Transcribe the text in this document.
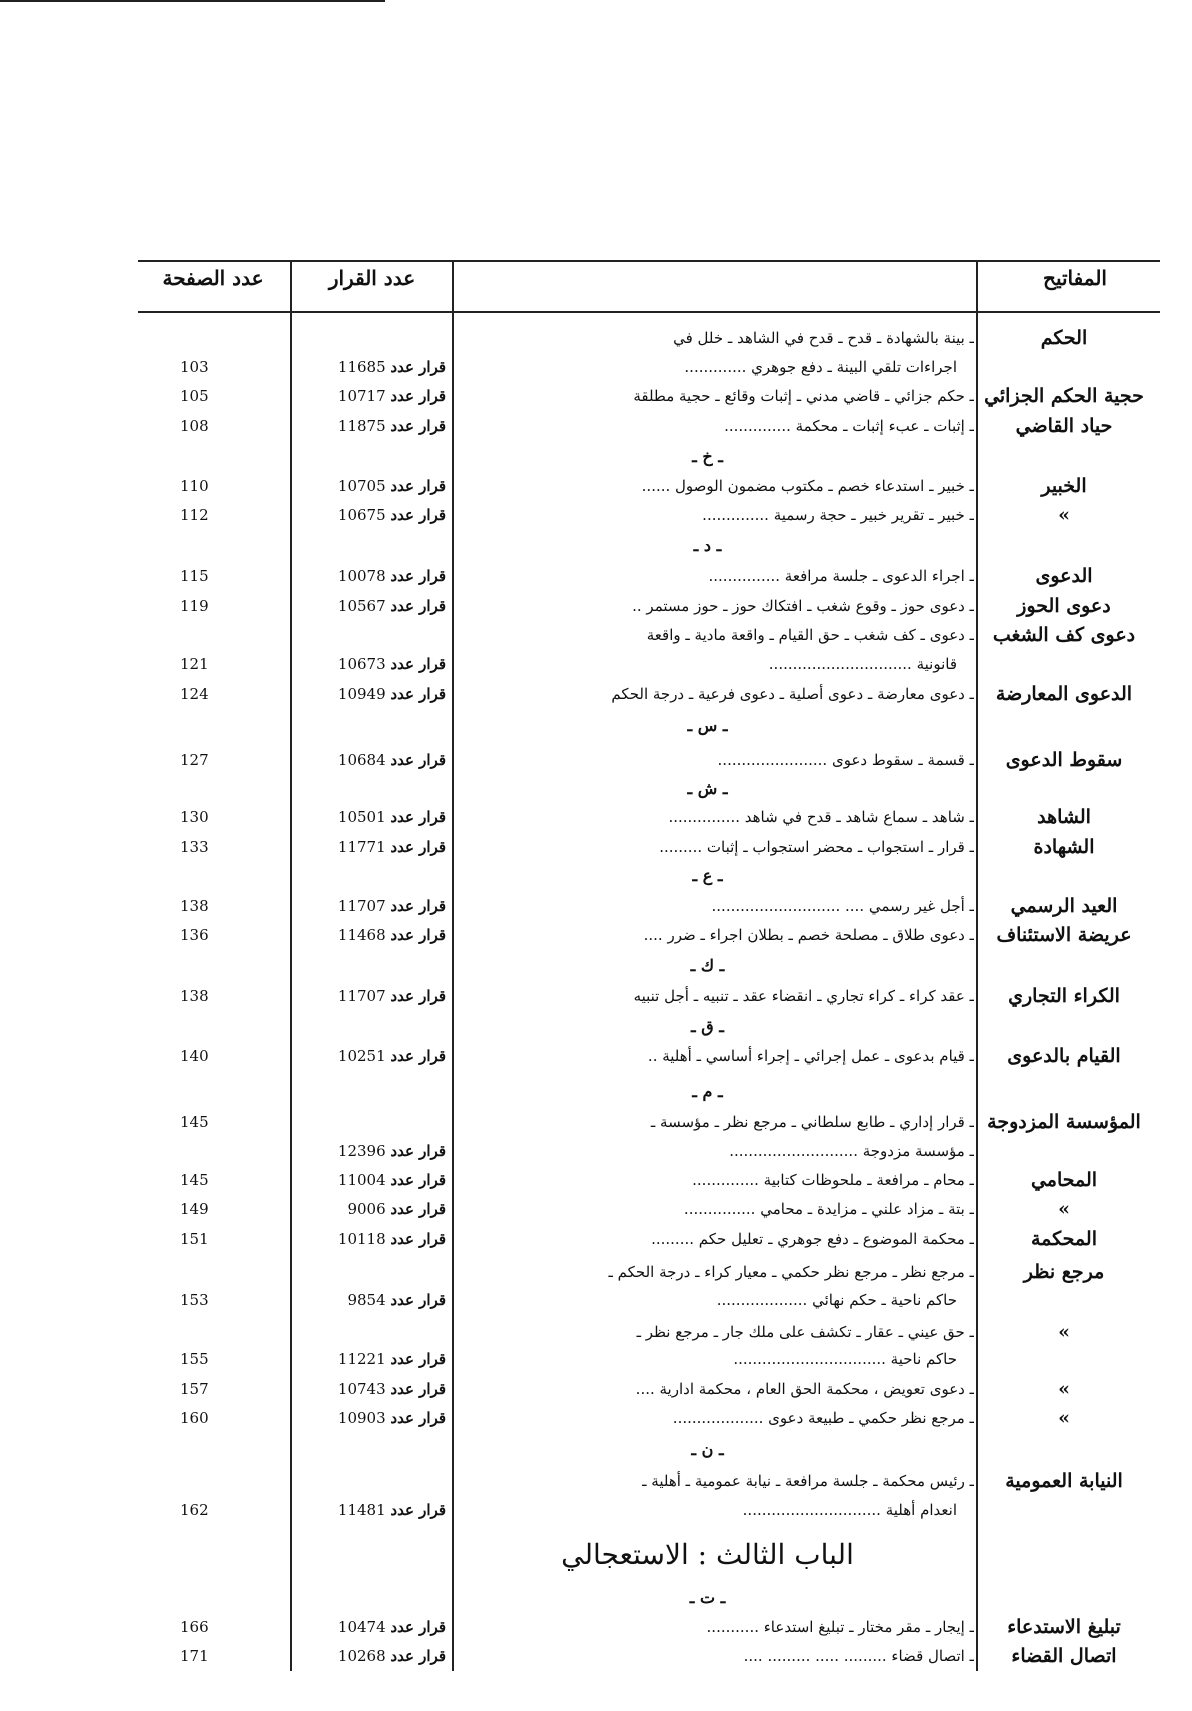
المفاتيح
عدد القرار
عدد الصفحة
الحكم
ـ بينة بالشهادة ـ قدح ـ قدح في الشاهد ـ خلل في
اجراءات تلقي البينة ـ دفع جوهري .............
قرار عدد 11685
103
حجية الحكم الجزائي
ـ حكم جزائي ـ قاضي مدني ـ إثبات وقائع ـ حجية مطلقة
قرار عدد 10717
105
حياد القاضي
ـ إثبات ـ عبء إثبات ـ محكمة ..............
قرار عدد 11875
108
ـ خ ـ
الخبير
ـ خبير ـ استدعاء خصم ـ مكتوب مضمون الوصول ......
قرار عدد 10705
110
»
ـ خبير ـ تقرير خبير ـ حجة رسمية ..............
قرار عدد 10675
112
ـ د ـ
الدعوى
ـ اجراء الدعوى ـ جلسة مرافعة ...............
قرار عدد 10078
115
دعوى الحوز
ـ دعوى حوز ـ وقوع شغب ـ افتكاك حوز ـ حوز مستمر ..
قرار عدد 10567
119
دعوى كف الشغب
ـ دعوى ـ كف شغب ـ حق القيام ـ واقعة مادية ـ واقعة
قانونية ..............................
قرار عدد 10673
121
الدعوى المعارضة
ـ دعوى معارضة ـ دعوى أصلية ـ دعوى فرعية ـ درجة الحكم
قرار عدد 10949
124
ـ س ـ
سقوط الدعوى
ـ قسمة ـ سقوط دعوى .......................
قرار عدد 10684
127
ـ ش ـ
الشاهد
ـ شاهد ـ سماع شاهد ـ قدح في شاهد ...............
قرار عدد 10501
130
الشهادة
ـ قرار ـ استجواب ـ محضر استجواب ـ إثبات .........
قرار عدد 11771
133
ـ ع ـ
العيد الرسمي
ـ أجل غير رسمي .... ...........................
قرار عدد 11707
138
عريضة الاستئناف
ـ دعوى طلاق ـ مصلحة خصم ـ بطلان اجراء ـ ضرر ....
قرار عدد 11468
136
ـ ك ـ
الكراء التجاري
ـ عقد كراء ـ كراء تجاري ـ انقضاء عقد ـ تنبيه ـ أجل تنبيه
قرار عدد 11707
138
ـ ق ـ
القيام بالدعوى
ـ قيام بدعوى ـ عمل إجرائي ـ إجراء أساسي ـ أهلية ..
قرار عدد 10251
140
ـ م ـ
المؤسسة المزدوجة
ـ قرار إداري ـ طابع سلطاني ـ مرجع نظر ـ مؤسسة ـ
145
ـ مؤسسة مزدوجة ...........................
قرار عدد 12396
المحامي
ـ محام ـ مرافعة ـ ملحوظات كتابية ..............
قرار عدد 11004
145
»
ـ بتة ـ مزاد علني ـ مزايدة ـ محامي ...............
قرار عدد 9006
149
المحكمة
ـ محكمة الموضوع ـ دفع جوهري ـ تعليل حكم .........
قرار عدد 10118
151
مرجع نظر
ـ مرجع نظر ـ مرجع نظر حكمي ـ معيار كراء ـ درجة الحكم ـ
حاكم ناحية ـ حكم نهائي ...................
قرار عدد 9854
153
»
ـ حق عيني ـ عقار ـ تكشف على ملك جار ـ مرجع نظر ـ
حاكم ناحية ................................
قرار عدد 11221
155
»
ـ دعوى تعويض ، محكمة الحق العام ، محكمة ادارية ....
قرار عدد 10743
157
»
ـ مرجع نظر حكمي ـ طبيعة دعوى ...................
قرار عدد 10903
160
ـ ن ـ
النيابة العمومية
ـ رئيس محكمة ـ جلسة مرافعة ـ نيابة عمومية ـ أهلية ـ
انعدام أهلية .............................
قرار عدد 11481
162
الباب الثالث : الاستعجالي
ـ ت ـ
تبليغ الاستدعاء
ـ إيجار ـ مقر مختار ـ تبليغ استدعاء ...........
قرار عدد 10474
166
اتصال القضاء
ـ اتصال قضاء ......... ..... ......... ....
قرار عدد 10268
171
